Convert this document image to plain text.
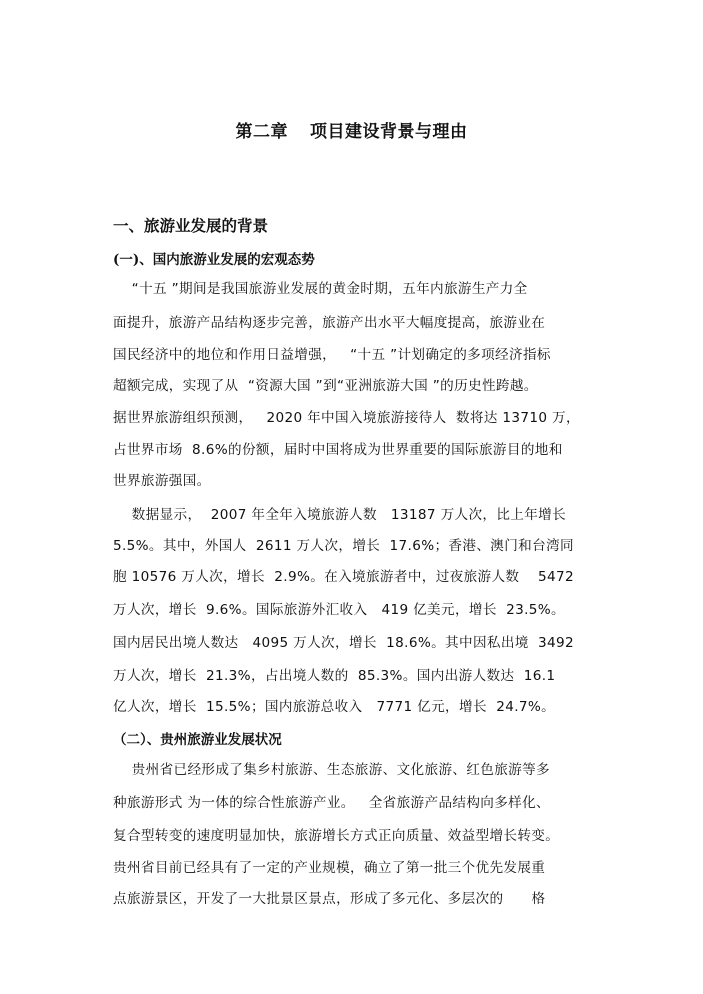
第二章 项目建设背景与理由
一、旅游业发展的背景
(一)、国内旅游业发展的宏观态势
“十五 ”期间是我国旅游业发展的黄金时期，五年内旅游生产力全
面提升，旅游产品结构逐步完善，旅游产出水平大幅度提高，旅游业在
国民经济中的地位和作用日益增强，   “十五 ”计划确定的多项经济指标
超额完成，实现了从  “资源大国 ”到“亚洲旅游大国 ”的历史性跨越。
据世界旅游组织预测，   2020 年中国入境旅游接待人  数将达 13710 万，
占世界市场  8.6%的份额，届时中国将成为世界重要的国际旅游目的地和
世界旅游强国。
数据显示，  2007 年全年入境旅游人数   13187 万人次，比上年增长
5.5%。其中，外国人  2611 万人次，增长  17.6%；香港、澳门和台湾同
胞 10576 万人次，增长  2.9%。在入境旅游者中，过夜旅游人数    5472
万人次，增长  9.6%。国际旅游外汇收入   419 亿美元，增长  23.5%。
国内居民出境人数达   4095 万人次，增长  18.6%。其中因私出境  3492
万人次，增长  21.3%，占出境人数的  85.3%。国内出游人数达  16.1
亿人次，增长  15.5%；国内旅游总收入   7771 亿元，增长  24.7%。
（二）、贵州旅游业发展状况
贵州省已经形成了集乡村旅游、生态旅游、文化旅游、红色旅游等多
种旅游形式 为一体的综合性旅游产业。   全省旅游产品结构向多样化、
复合型转变的速度明显加快，旅游增长方式正向质量、效益型增长转变。
贵州省目前已经具有了一定的产业规模，确立了第一批三个优先发展重
点旅游景区，开发了一大批景区景点，形成了多元化、多层次的      格
